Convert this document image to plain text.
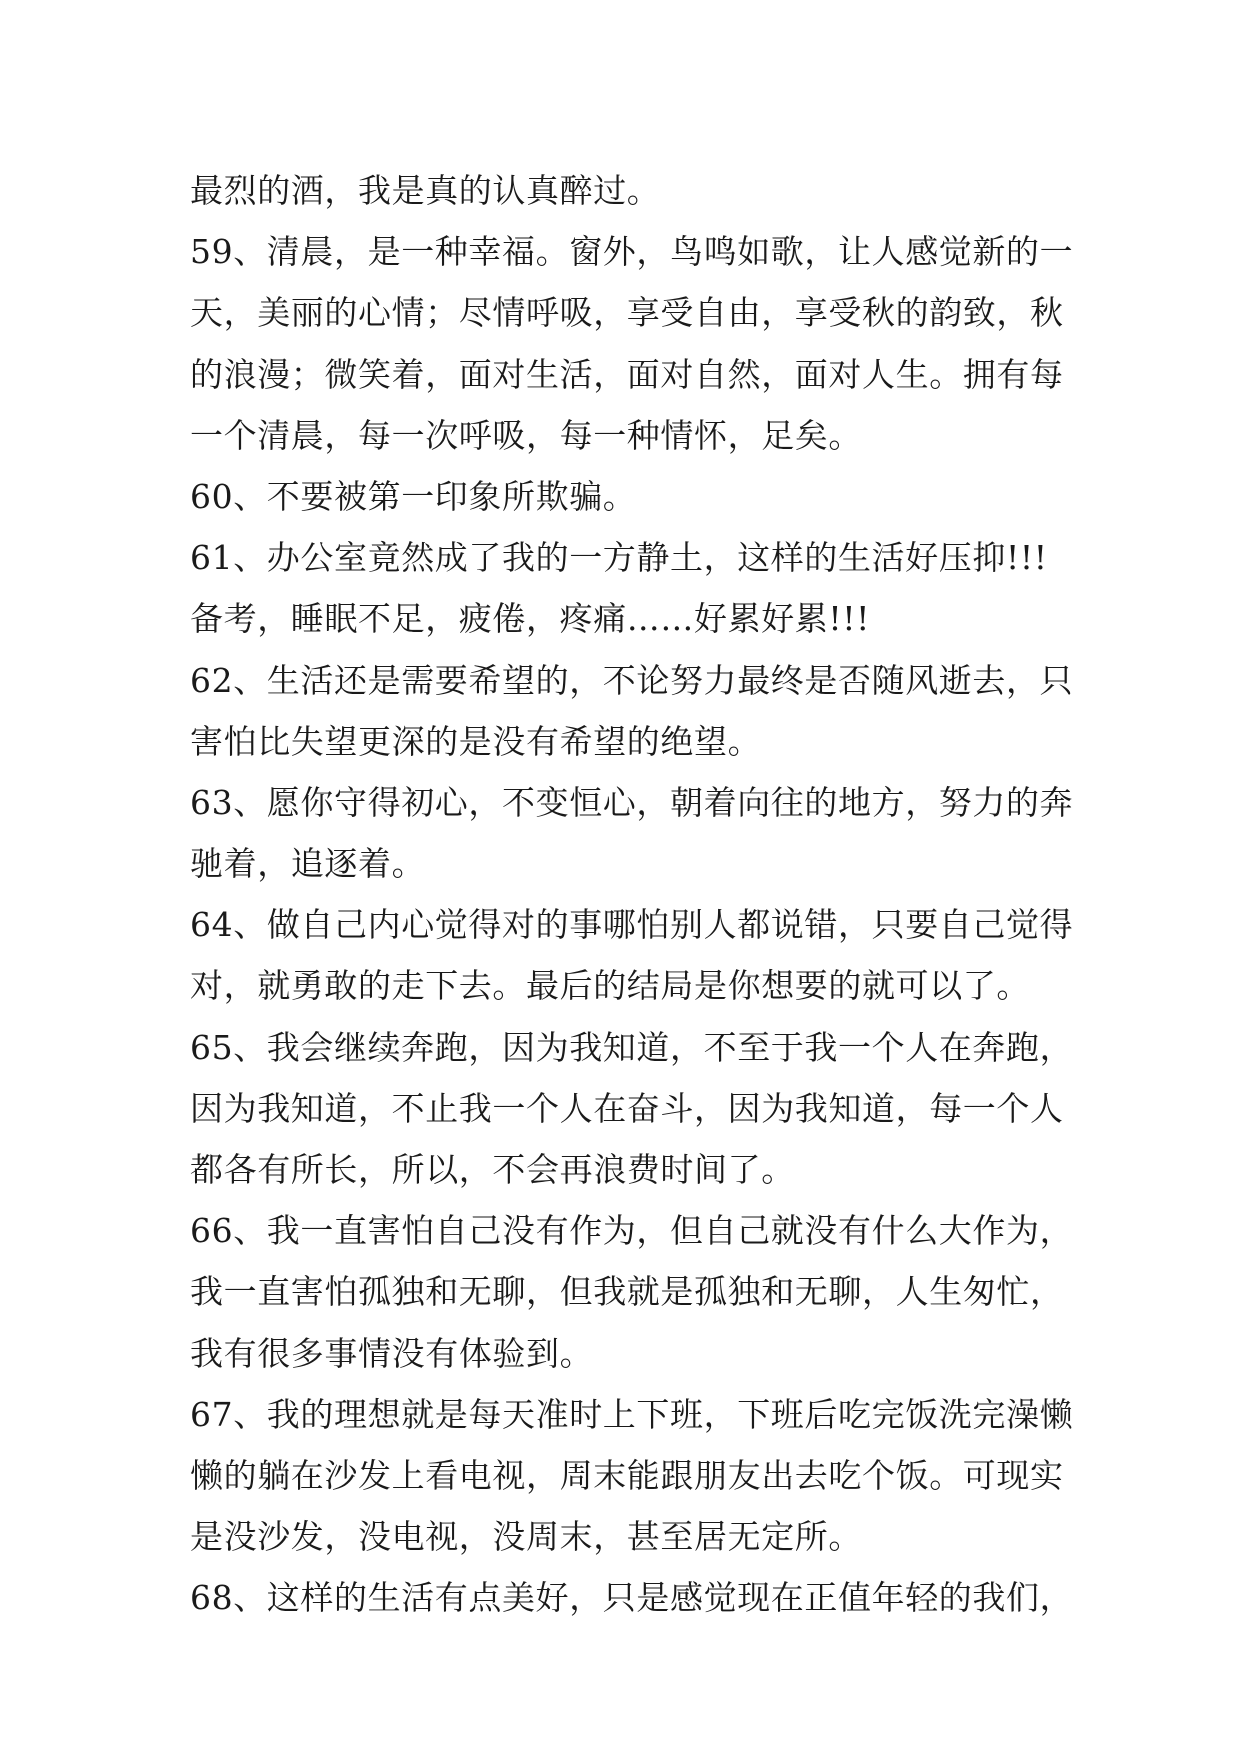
最烈的酒，我是真的认真醉过。
59、清晨，是一种幸福。窗外，鸟鸣如歌，让人感觉新的一
天，美丽的心情；尽情呼吸，享受自由，享受秋的韵致，秋
的浪漫；微笑着，面对生活，面对自然，面对人生。拥有每
一个清晨，每一次呼吸，每一种情怀，足矣。
60、不要被第一印象所欺骗。
61、办公室竟然成了我的一方静土，这样的生活好压抑!!!
备考，睡眠不足，疲倦，疼痛……好累好累!!!
62、生活还是需要希望的，不论努力最终是否随风逝去，只
害怕比失望更深的是没有希望的绝望。
63、愿你守得初心，不变恒心，朝着向往的地方，努力的奔
驰着，追逐着。
64、做自己内心觉得对的事哪怕别人都说错，只要自己觉得
对，就勇敢的走下去。最后的结局是你想要的就可以了。
65、我会继续奔跑，因为我知道，不至于我一个人在奔跑，
因为我知道，不止我一个人在奋斗，因为我知道，每一个人
都各有所长，所以，不会再浪费时间了。
66、我一直害怕自己没有作为，但自己就没有什么大作为，
我一直害怕孤独和无聊，但我就是孤独和无聊，人生匆忙，
我有很多事情没有体验到。
67、我的理想就是每天准时上下班，下班后吃完饭洗完澡懒
懒的躺在沙发上看电视，周末能跟朋友出去吃个饭。可现实
是没沙发，没电视，没周末，甚至居无定所。
68、这样的生活有点美好，只是感觉现在正值年轻的我们，
